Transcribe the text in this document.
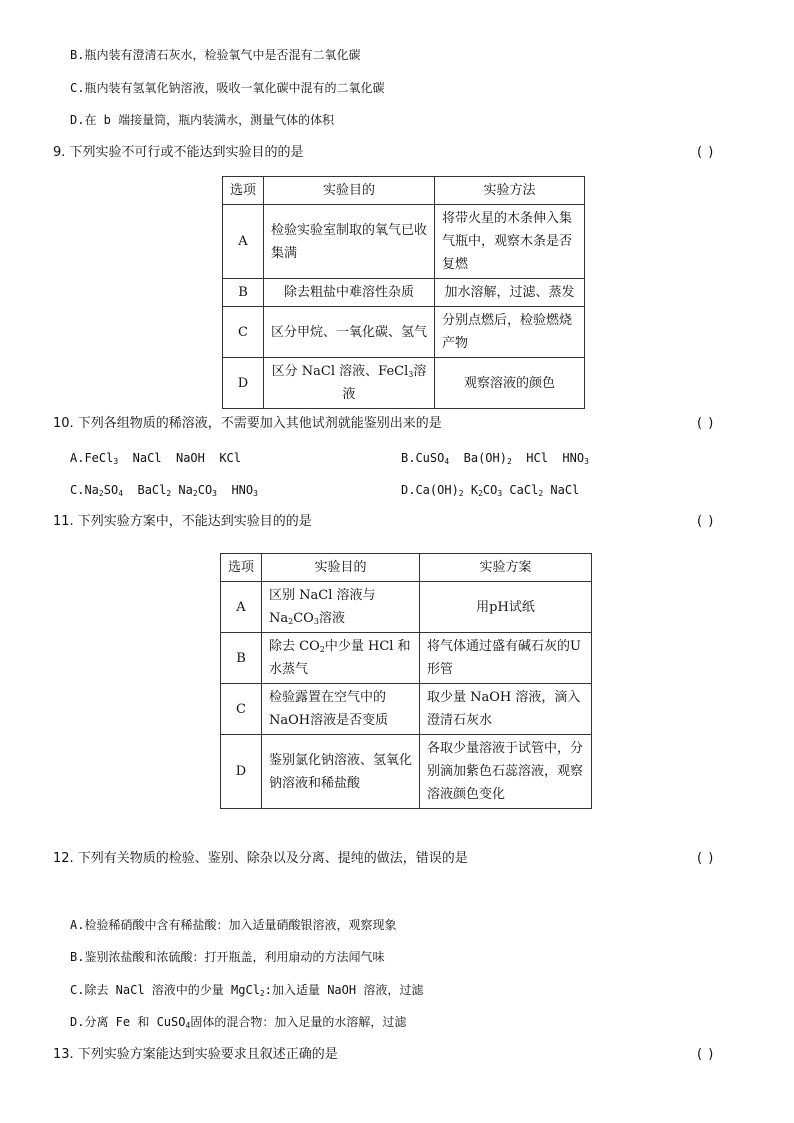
B.瓶内装有澄清石灰水，检验氧气中是否混有二氧化碳
C.瓶内装有氢氧化钠溶液，吸收一氧化碳中混有的二氧化碳
D.在 b 端接量筒，瓶内装满水，测量气体的体积
9. 下列实验不可行或不能达到实验目的的是	( )
选项	实验目的	实验方法
A	检验实验室制取的氧气已收集满	将带火星的木条伸入集气瓶中，观察木条是否复燃
B	除去粗盐中难溶性杂质	加水溶解，过滤、蒸发
C	区分甲烷、一氧化碳、氢气	分别点燃后，检验燃烧产物
D	区分 NaCl 溶液、FeCl$_3$溶液	观察溶液的颜色
10. 下列各组物质的稀溶液，不需要加入其他试剂就能鉴别出来的是	( )
A.FeCl$_3$  NaCl  NaOH  KCl	B.CuSO$_4$  $Ba(OH)_2$  HCl  $HNO_3$
$C.Na_2SO_4$  BaCl$_2$ $Na_2CO_3$  $HNO_3$	$D.Ca(OH)_2$ $K_2CO_3$ CaCl$_2$ NaCl
11. 下列实验方案中，不能达到实验目的的是	( )
选项	实验目的	实验方案
A	区别 NaCl 溶液与 $Na_2CO_3$溶液	用pH试纸
B	除去 $CO_2$中少量 HCl 和水蒸气	将气体通过盛有碱石灰的U形管
C	检验露置在空气中的 NaOH溶液是否变质	取少量 NaOH 溶液，滴入澄清石灰水
D	鉴别氯化钠溶液、氢氧化钠溶液和稀盐酸	各取少量溶液于试管中，分别滴加紫色石蕊溶液，观察溶液颜色变化
12. 下列有关物质的检验、鉴别、除杂以及分离、提纯的做法，错误的是	( )
A.检验稀硝酸中含有稀盐酸：加入适量硝酸银溶液，观察现象
B.鉴别浓盐酸和浓硫酸：打开瓶盖，利用扇动的方法闻气味
C.除去 NaCl 溶液中的少量 MgCl$_2$:加入适量 NaOH 溶液，过滤
D.分离 Fe 和 CuSO$_4$固体的混合物：加入足量的水溶解，过滤
13. 下列实验方案能达到实验要求且叙述正确的是	( )
